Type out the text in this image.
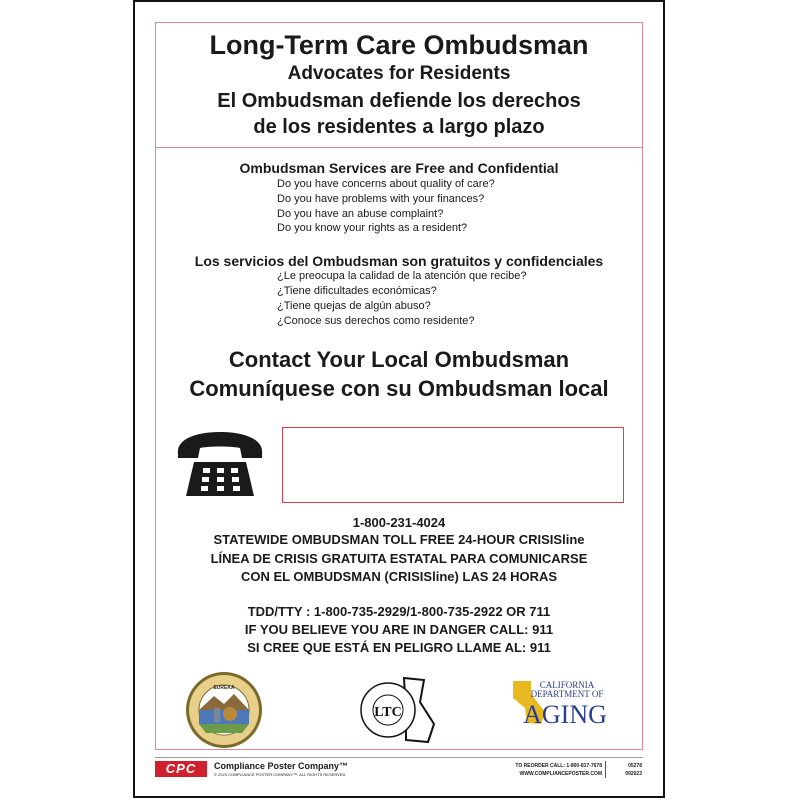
Long-Term Care Ombudsman
Advocates for Residents
El Ombudsman defiende los derechos
de los residentes a largo plazo
Ombudsman Services are Free and Confidential
Do you have concerns about quality of care?
Do you have problems with your finances?
Do you have an abuse complaint?
Do you know your rights as a resident?
Los servicios del Ombudsman son gratuitos y confidenciales
¿Le preocupa la calidad de la atención que recibe?
¿Tiene dificultades económicas?
¿Tiene quejas de algún abuso?
¿Conoce sus derechos como residente?
Contact Your Local Ombudsman
Comuníquese con su Ombudsman local
1-800-231-4024
STATEWIDE OMBUDSMAN TOLL FREE 24-HOUR CRISISline
LÍNEA DE CRISIS GRATUITA ESTATAL PARA COMUNICARSE
CON EL OMBUDSMAN (CRISISline) LAS 24 HORAS
TDD/TTY : 1-800-735-2929/1-800-735-2922 OR 711
IF YOU BELIEVE YOU ARE IN DANGER CALL: 911
SI CREE QUE ESTÁ EN PELIGRO LLAME AL: 911
EUREKA
LTC
CALIFORNIA
DEPARTMENT OF
AGING
CPC	Compliance Poster Company™
© 2023 COMPLIANCE POSTER COMPANY™. ALL RIGHTS RESERVED.
TO REORDER CALL: 1-800-817-7678
WWW.COMPLIANCEPOSTER.COM
05278
092023
